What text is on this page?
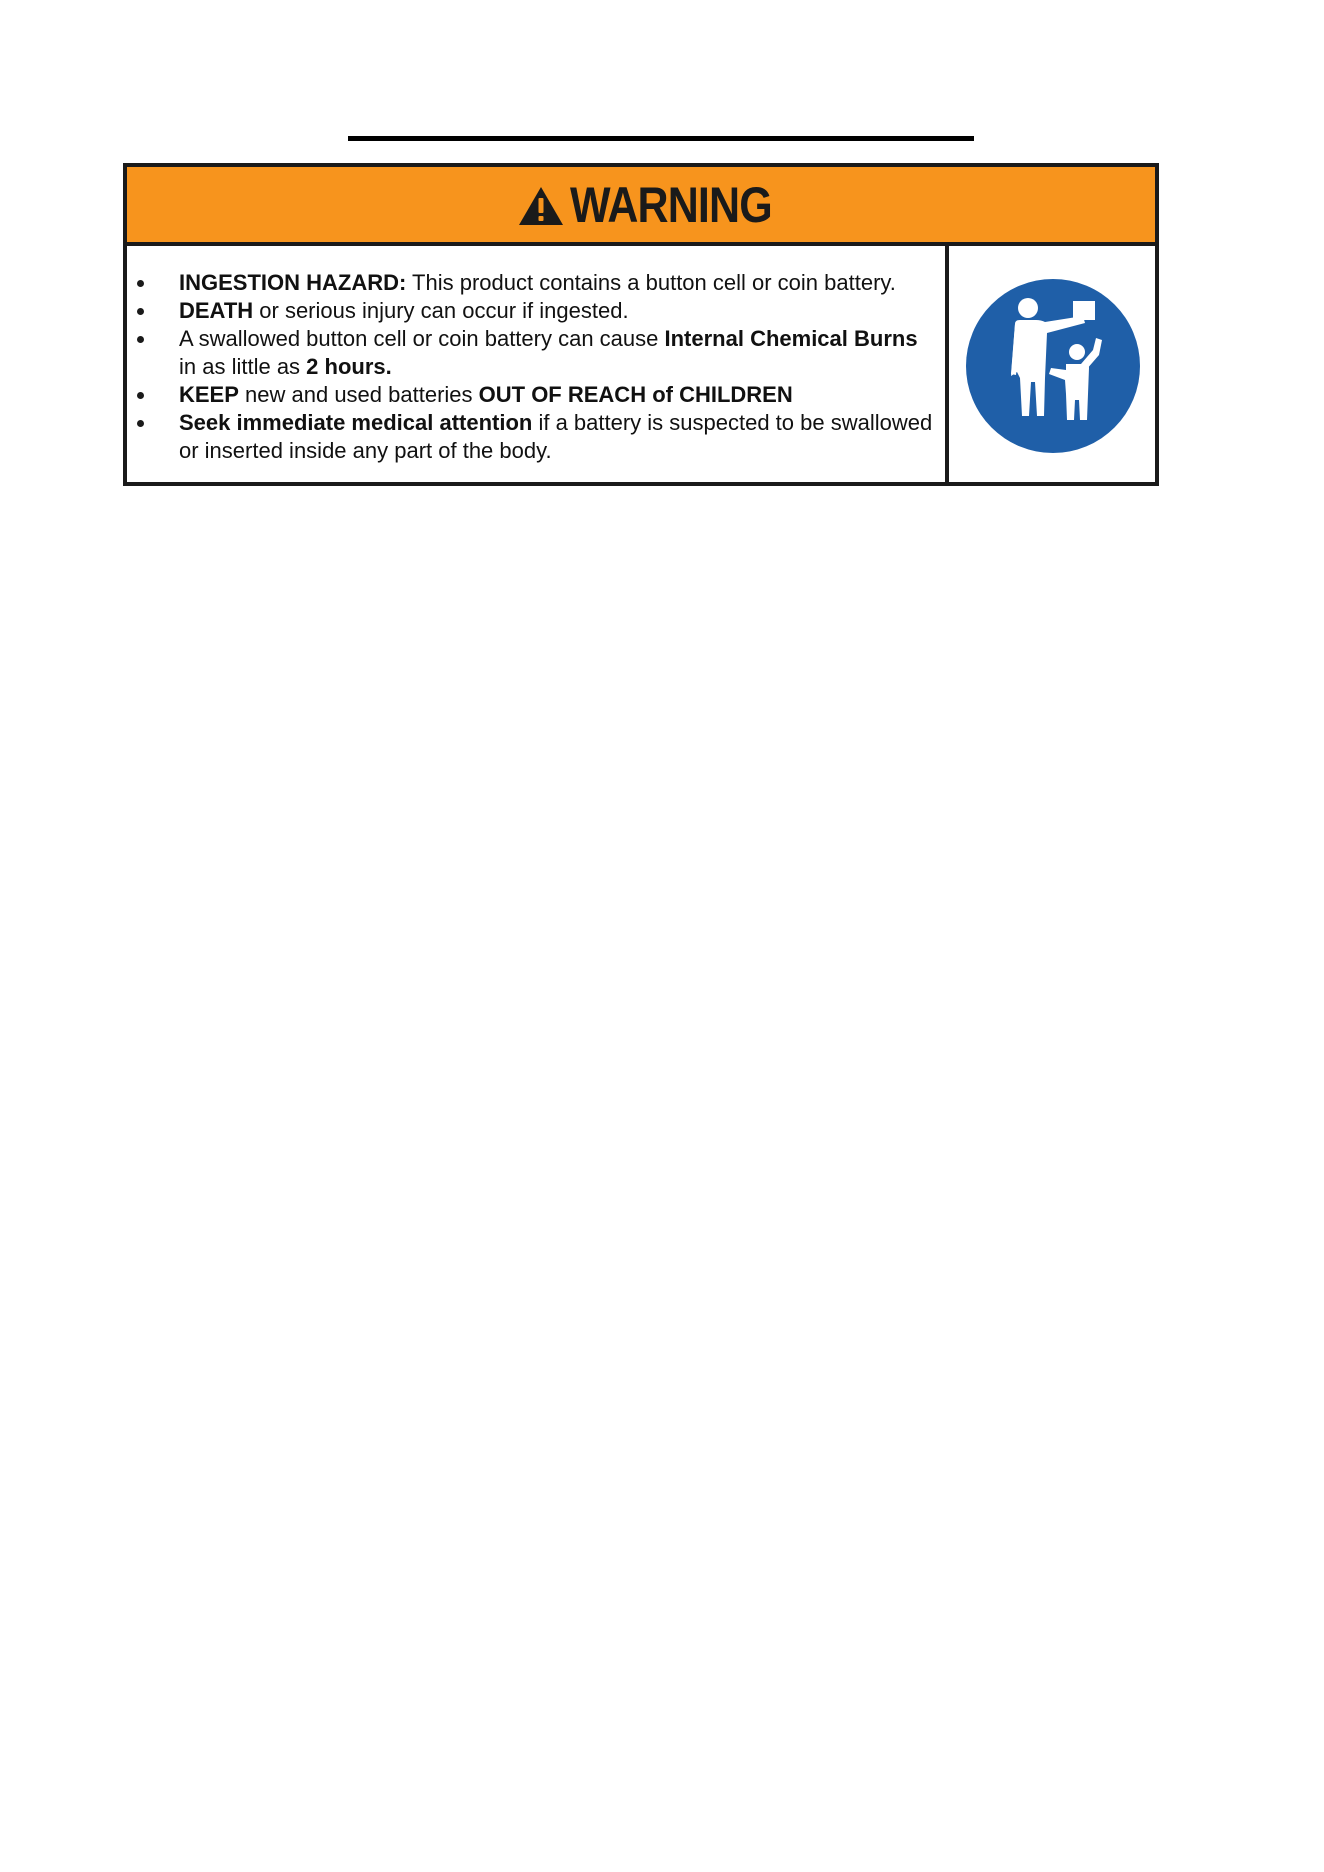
WARNING
INGESTION HAZARD: This product contains a button cell or coin battery.
DEATH or serious injury can occur if ingested.
A swallowed button cell or coin battery can cause Internal Chemical Burns in as little as 2 hours.
KEEP new and used batteries OUT OF REACH of CHILDREN
Seek immediate medical attention if a battery is suspected to be swallowed or inserted inside any part of the body.
